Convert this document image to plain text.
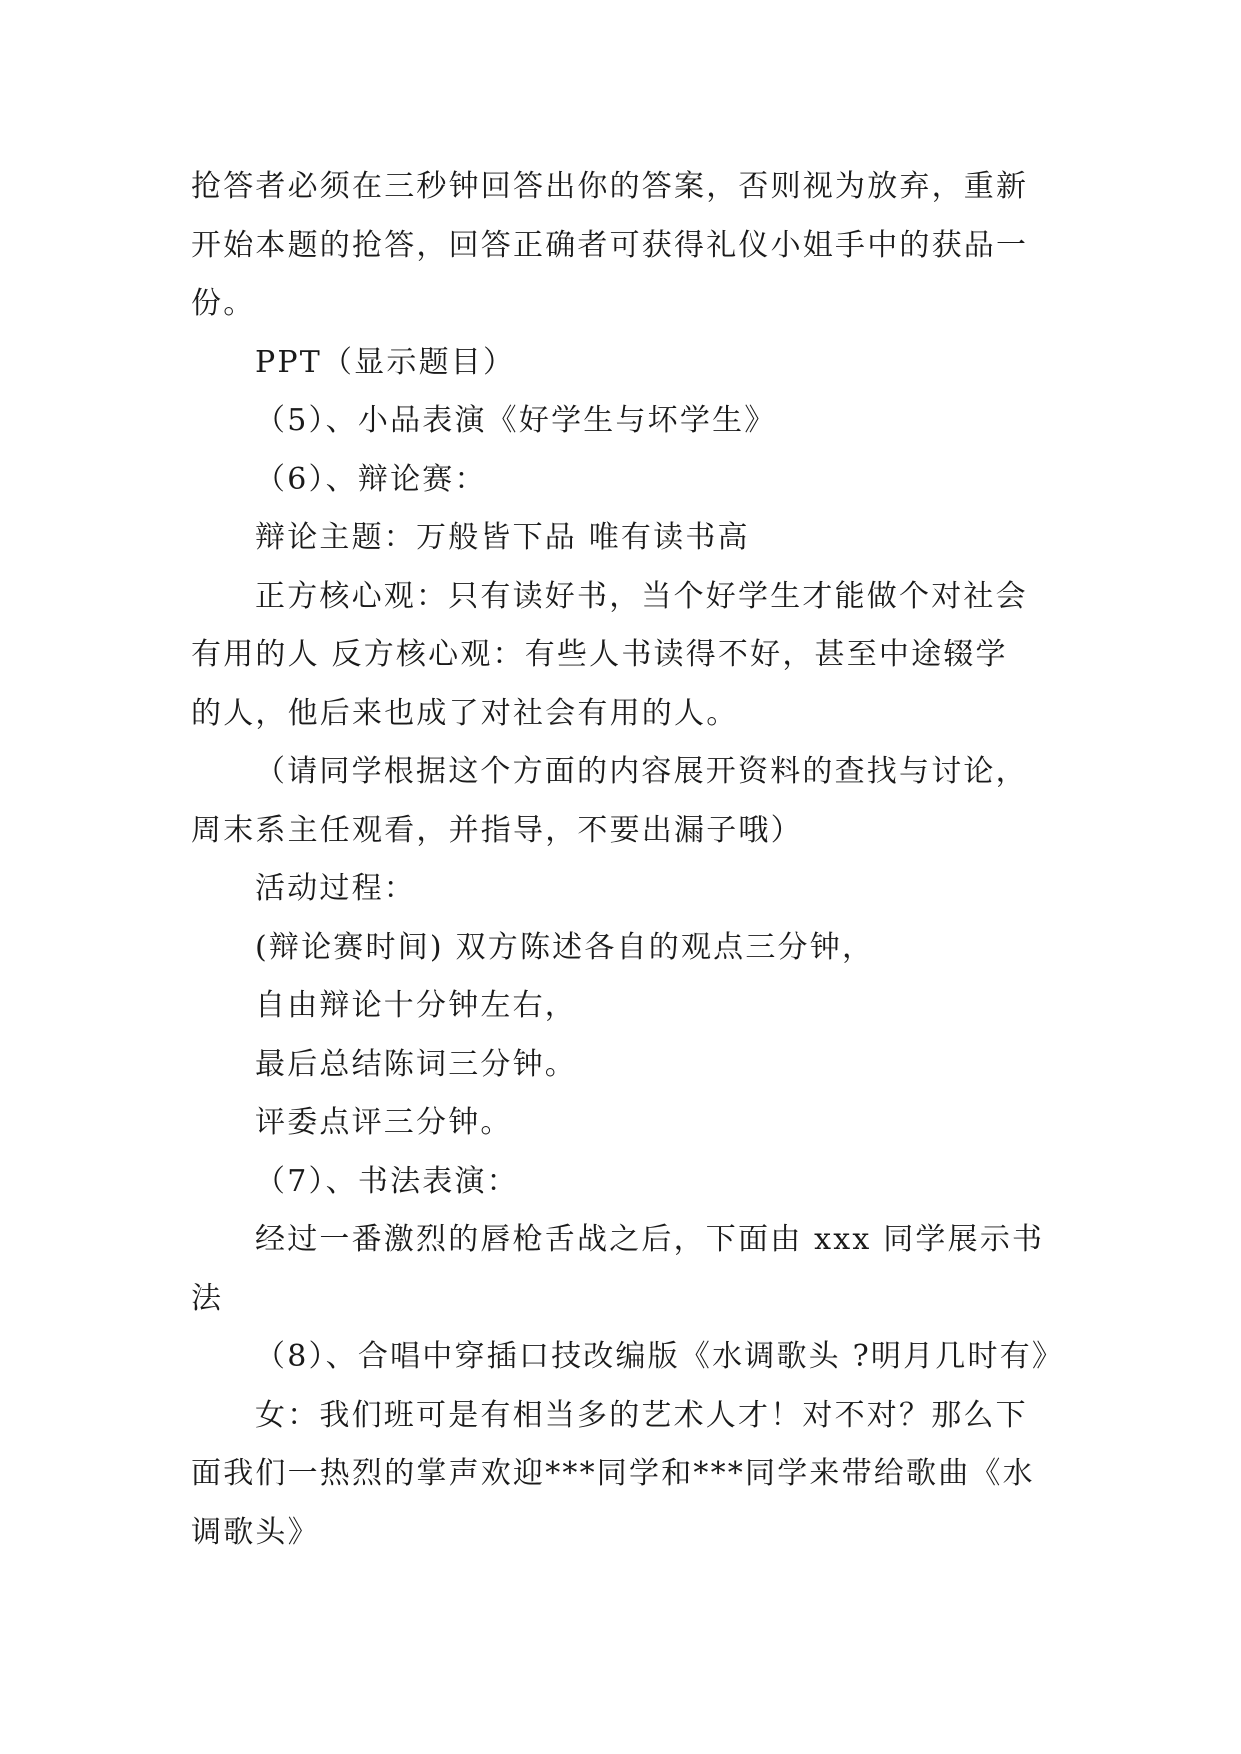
抢答者必须在三秒钟回答出你的答案，否则视为放弃，重新
开始本题的抢答，回答正确者可获得礼仪小姐手中的获品一
份。
PPT（显示题目）
（5）、小品表演《好学生与坏学生》
（6）、辩论赛：
辩论主题：万般皆下品 唯有读书高
正方核心观：只有读好书，当个好学生才能做个对社会
有用的人 反方核心观：有些人书读得不好，甚至中途辍学
的人，他后来也成了对社会有用的人。
（请同学根据这个方面的内容展开资料的查找与讨论，
周末系主任观看，并指导，不要出漏子哦）
活动过程：
(辩论赛时间) 双方陈述各自的观点三分钟，
自由辩论十分钟左右，
最后总结陈词三分钟。
评委点评三分钟。
（7）、书法表演：
经过一番激烈的唇枪舌战之后，下面由 xxx 同学展示书
法
（8）、合唱中穿插口技改编版《水调歌头 ?明月几时有》
女：我们班可是有相当多的艺术人才！对不对？那么下
面我们一热烈的掌声欢迎***同学和***同学来带给歌曲《水
调歌头》
